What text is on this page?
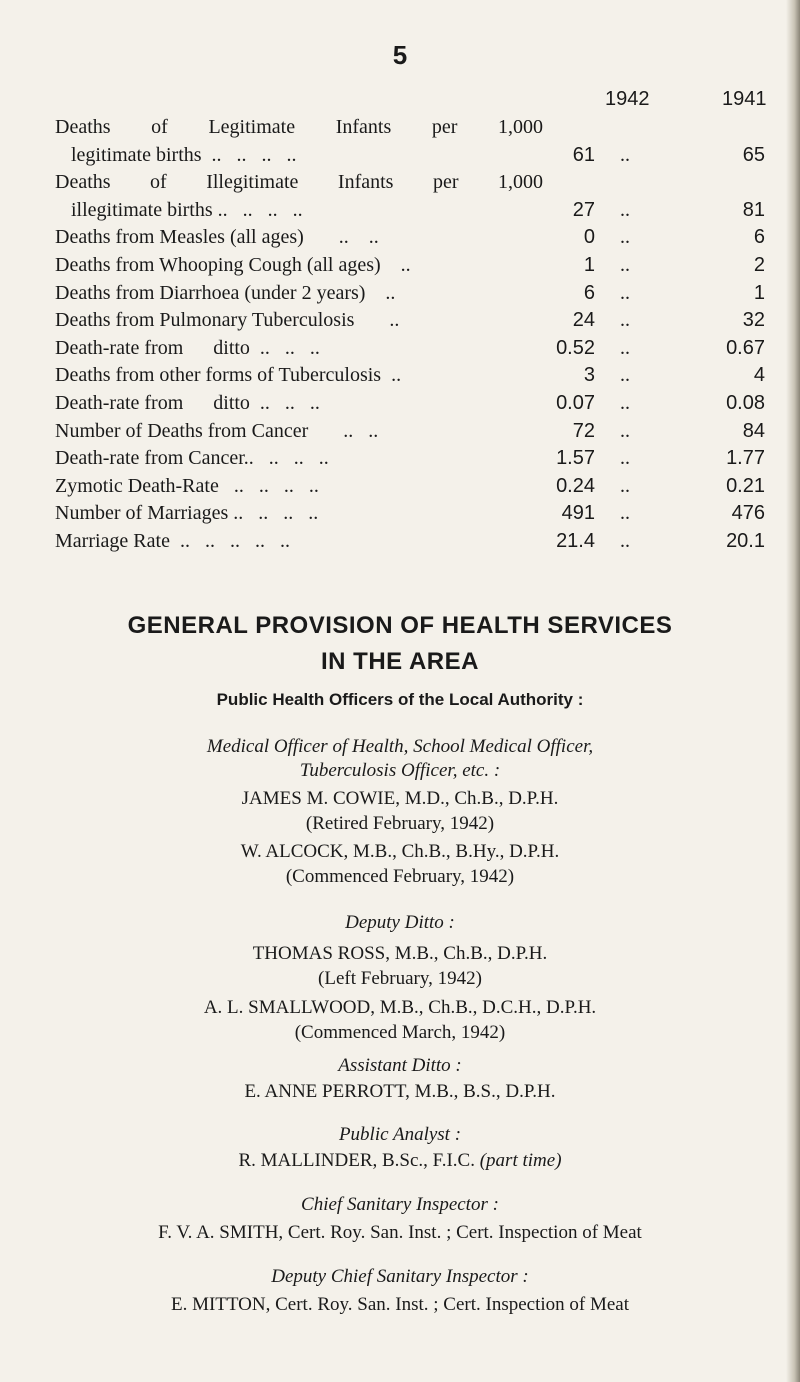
5
1942	1941
Deaths of Legitimate Infants per 1,000
legitimate births  ..   ..   ..   ..	61	..	65
Deaths of Illegitimate Infants per 1,000
illegitimate births ..   ..   ..   ..	27	..	81
Deaths from Measles (all ages)       ..    ..	0	..	6
Deaths from Whooping Cough (all ages)    ..	1	..	2
Deaths from Diarrhoea (under 2 years)    ..	6	..	1
Deaths from Pulmonary Tuberculosis       ..	24	..	32
Death-rate from      ditto  ..   ..   ..	0.52	..	0.67
Deaths from other forms of Tuberculosis  ..	3	..	4
Death-rate from      ditto  ..   ..   ..	0.07	..	0.08
Number of Deaths from Cancer       ..   ..	72	..	84
Death-rate from Cancer..   ..   ..   ..	1.57	..	1.77
Zymotic Death-Rate   ..   ..   ..   ..	0.24	..	0.21
Number of Marriages ..   ..   ..   ..	491	..	476
Marriage Rate  ..   ..   ..   ..   ..	21.4	..	20.1
GENERAL PROVISION OF HEALTH SERVICES
IN THE AREA
Public Health Officers of the Local Authority :
Medical Officer of Health, School Medical Officer,
Tuberculosis Officer, etc. :
JAMES M. COWIE, M.D., Ch.B., D.P.H.
(Retired February, 1942)
W. ALCOCK, M.B., Ch.B., B.Hy., D.P.H.
(Commenced February, 1942)
Deputy Ditto :
THOMAS ROSS, M.B., Ch.B., D.P.H.
(Left February, 1942)
A. L. SMALLWOOD, M.B., Ch.B., D.C.H., D.P.H.
(Commenced March, 1942)
Assistant Ditto :
E. ANNE PERROTT, M.B., B.S., D.P.H.
Public Analyst :
R. MALLINDER, B.Sc., F.I.C. (part time)
Chief Sanitary Inspector :
F. V. A. SMITH, Cert. Roy. San. Inst. ; Cert. Inspection of Meat
Deputy Chief Sanitary Inspector :
E. MITTON, Cert. Roy. San. Inst. ; Cert. Inspection of Meat
